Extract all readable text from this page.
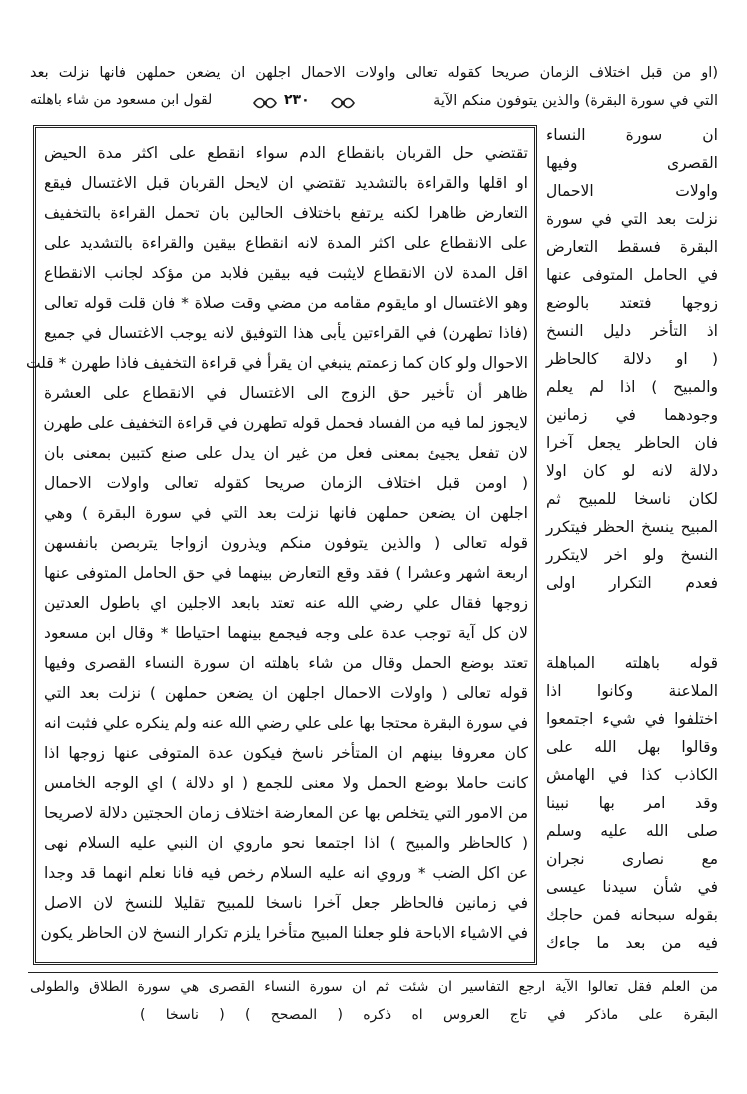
(او من قبل اختلاف الزمان صريحا كقوله تعالى واولات الاحمال اجلهن ان يضعن حملهن فانها نزلت بعد
التي في سورة البقرة) والذين يتوفون منكم الآية
۲۳۰
لقول ابن مسعود من شاء باهلته
تقتضي حل القربان بانقطاع الدم سواء انقطع على اكثر مدة الحيض
او اقلها والقراءة بالتشديد تقتضي ان لايحل القربان قبل الاغتسال فيقع
التعارض ظاهرا لكنه يرتفع باختلاف الحالين بان تحمل القراءة بالتخفيف
على الانقطاع على اكثر المدة لانه انقطاع بيقين والقراءة بالتشديد على
اقل المدة لان الانقطاع لايثبت فيه بيقين فلابد من مؤكد لجانب الانقطاع
وهو الاغتسال او مايقوم مقامه من مضي وقت صلاة * فان قلت قوله تعالى
(فاذا تطهرن) في القراءتين يأبى هذا التوفيق لانه يوجب الاغتسال في جميع
الاحوال ولو كان كما زعمتم ينبغي ان يقرأ في قراءة التخفيف فاذا طهرن * قلت
ظاهر أن تأخير حق الزوج الى الاغتسال في الانقطاع على العشرة
لايجوز لما فيه من الفساد فحمل قوله تطهرن في قراءة التخفيف على طهرن
لان تفعل يجيئ بمعنى فعل من غير ان يدل على صنع كتبين بمعنى بان
( اومن قبل اختلاف الزمان صريحا كقوله تعالى واولات الاحمال
اجلهن ان يضعن حملهن فانها نزلت بعد التي في سورة البقرة ) وهي
قوله تعالى ( والذين يتوفون منكم ويذرون ازواجا يتربصن بانفسهن
اربعة اشهر وعشرا ) فقد وقع التعارض بينهما في حق الحامل المتوفى عنها
زوجها فقال علي رضي الله عنه تعتد بابعد الاجلين اي باطول العدتين
لان كل آية توجب عدة على وجه فيجمع بينهما احتياطا * وقال ابن مسعود
تعتد بوضع الحمل وقال من شاء باهلته ان سورة النساء القصرى وفيها
قوله تعالى ( واولات الاحمال اجلهن ان يضعن حملهن ) نزلت بعد التي
في سورة البقرة محتجا بها على علي رضي الله عنه ولم ينكره علي فثبت انه
كان معروفا بينهم ان المتأخر ناسخ فيكون عدة المتوفى عنها زوجها اذا
كانت حاملا بوضع الحمل ولا معنى للجمع ( او دلالة ) اي الوجه الخامس
من الامور التي يتخلص بها عن المعارضة اختلاف زمان الحجتين دلالة لاصريحا
( كالحاظر والمبيح ) اذا اجتمعا نحو ماروي ان النبي عليه السلام نهى
عن اكل الضب * وروي انه عليه السلام رخص فيه فانا نعلم انهما قد وجدا
في زمانين فالحاظر جعل آخرا ناسخا للمبيح تقليلا للنسخ لان الاصل
في الاشياء الاباحة فلو جعلنا المبيح متأخرا يلزم تكرار النسخ لان الحاظر يكون
ان سورة النساء
القصرى وفيها
واولات الاحمال
نزلت بعد التي في سورة
البقرة فسقط التعارض
في الحامل المتوفى عنها
زوجها فتعتد بالوضع
اذ التأخر دليل النسخ
( او دلالة كالحاظر
والمبيح ) اذا لم يعلم
وجودهما في زمانين
فان الحاظر يجعل آخرا
دلالة لانه لو كان اولا
لكان ناسخا للمبيح ثم
المبيح ينسخ الحظر فيتكرر
النسخ ولو اخر لايتكرر
فعدم التكرار اولى
قوله باهلته المباهلة
الملاعنة وكانوا اذا
اختلفوا في شيء اجتمعوا
وقالوا بهل الله على
الكاذب كذا في الهامش
وقد امر بها نبينا
صلى الله عليه وسلم
مع نصارى نجران
في شأن سيدنا عيسى
بقوله سبحانه فمن حاجك
فيه من بعد ما جاءك
من العلم فقل تعالوا الآية ارجع التفاسير ان شئت ثم ان سورة النساء القصرى هي سورة الطلاق والطولى
البقرة على ماذكر في تاج العروس اه ذكره ( المصحح ) ( ناسخا )
